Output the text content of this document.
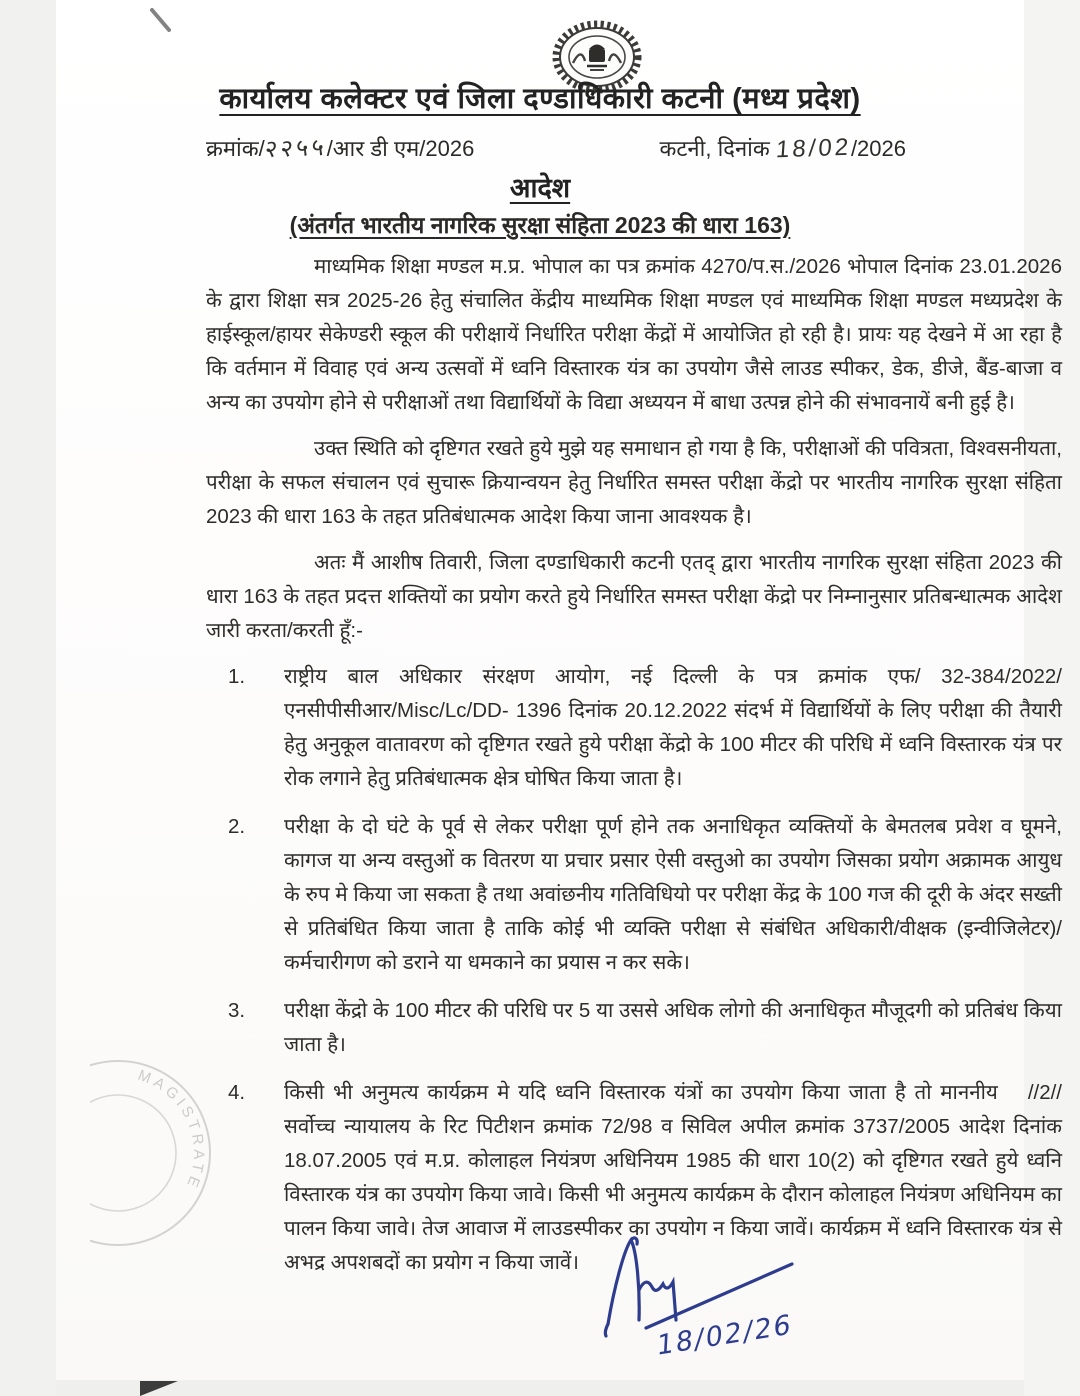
कार्यालय कलेक्टर एवं जिला दण्डाधिकारी कटनी (मध्य प्रदेश)
क्रमांक/२२५५/आर डी एम/2026	कटनी, दिनांक 18/02/2026
आदेश
(अंतर्गत भारतीय नागरिक सुरक्षा संहिता 2023 की धारा 163)

माध्यमिक शिक्षा मण्डल म.प्र. भोपाल का पत्र क्रमांक 4270/प.स./2026 भोपाल दिनांक 23.01.2026 के द्वारा शिक्षा सत्र 2025-26 हेतु संचालित केंद्रीय माध्यमिक शिक्षा मण्डल एवं माध्यमिक शिक्षा मण्डल मध्यप्रदेश के हाईस्कूल/हायर सेकेण्डरी स्कूल की परीक्षायें निर्धारित परीक्षा केंद्रों में आयोजित हो रही है। प्रायः यह देखने में आ रहा है कि वर्तमान में विवाह एवं अन्य उत्सवों में ध्वनि विस्तारक यंत्र का उपयोग जैसे लाउड स्पीकर, डेक, डीजे, बैंड-बाजा व अन्य का उपयोग होने से परीक्षाओं तथा विद्यार्थियों के विद्या अध्ययन में बाधा उत्पन्न होने की संभावनायें बनी हुई है।

उक्त स्थिति को दृष्टिगत रखते हुये मुझे यह समाधान हो गया है कि, परीक्षाओं की पवित्रता, विश्वसनीयता, परीक्षा के सफल संचालन एवं सुचारू क्रियान्वयन हेतु निर्धारित समस्त परीक्षा केंद्रो पर भारतीय नागरिक सुरक्षा संहिता 2023 की धारा 163 के तहत प्रतिबंधात्मक आदेश किया जाना आवश्यक है।

अतः मैं आशीष तिवारी, जिला दण्डाधिकारी कटनी एतद् द्वारा भारतीय नागरिक सुरक्षा संहिता 2023 की धारा 163 के तहत प्रदत्त शक्तियों का प्रयोग करते हुये निर्धारित समस्त परीक्षा केंद्रो पर निम्नानुसार प्रतिबन्धात्मक आदेश जारी करता/करती हूँ:-

1. राष्ट्रीय बाल अधिकार संरक्षण आयोग, नई दिल्ली के पत्र क्रमांक एफ/ 32-384/2022/एनसीपीसीआर/Misc/Lc/DD- 1396 दिनांक 20.12.2022 संदर्भ में विद्यार्थियों के लिए परीक्षा की तैयारी हेतु अनुकूल वातावरण को दृष्टिगत रखते हुये परीक्षा केंद्रो के 100 मीटर की परिधि में ध्वनि विस्तारक यंत्र पर रोक लगाने हेतु प्रतिबंधात्मक क्षेत्र घोषित किया जाता है।
2. परीक्षा के दो घंटे के पूर्व से लेकर परीक्षा पूर्ण होने तक अनाधिकृत व्यक्तियों के बेमतलब प्रवेश व घूमने, कागज या अन्य वस्तुओं क वितरण या प्रचार प्रसार ऐसी वस्तुओ का उपयोग जिसका प्रयोग अक्रामक आयुध के रुप मे किया जा सकता है तथा अवांछनीय गतिविधियो पर परीक्षा केंद्र के 100 गज की दूरी के अंदर सख्ती से प्रतिबंधित किया जाता है ताकि कोई भी व्यक्ति परीक्षा से संबंधित अधिकारी/वीक्षक (इन्वीजिलेटर)/कर्मचारीगण को डराने या धमकाने का प्रयास न कर सके।
3. परीक्षा केंद्रो के 100 मीटर की परिधि पर 5 या उससे अधिक लोगो की अनाधिकृत मौजूदगी को प्रतिबंध किया जाता है।
4.	//2//
किसी भी अनुमत्य कार्यक्रम मे यदि ध्वनि विस्तारक यंत्रों का उपयोग किया जाता है तो माननीय सर्वोच्च न्यायालय के रिट पिटीशन क्रमांक 72/98 व सिविल अपील क्रमांक 3737/2005 आदेश दिनांक 18.07.2005 एवं म.प्र. कोलाहल नियंत्रण अधिनियम 1985 की धारा 10(2) को दृष्टिगत रखते हुये ध्वनि विस्तारक यंत्र का उपयोग किया जावे। किसी भी अनुमत्य कार्यक्रम के दौरान कोलाहल नियंत्रण अधिनियम का पालन किया जावे। तेज आवाज में लाउडस्पीकर का उपयोग न किया जावें। कार्यक्रम में ध्वनि विस्तारक यंत्र से अभद्र अपशबदों का प्रयोग न किया जावें।
MAGISTRATE
18/02/26
